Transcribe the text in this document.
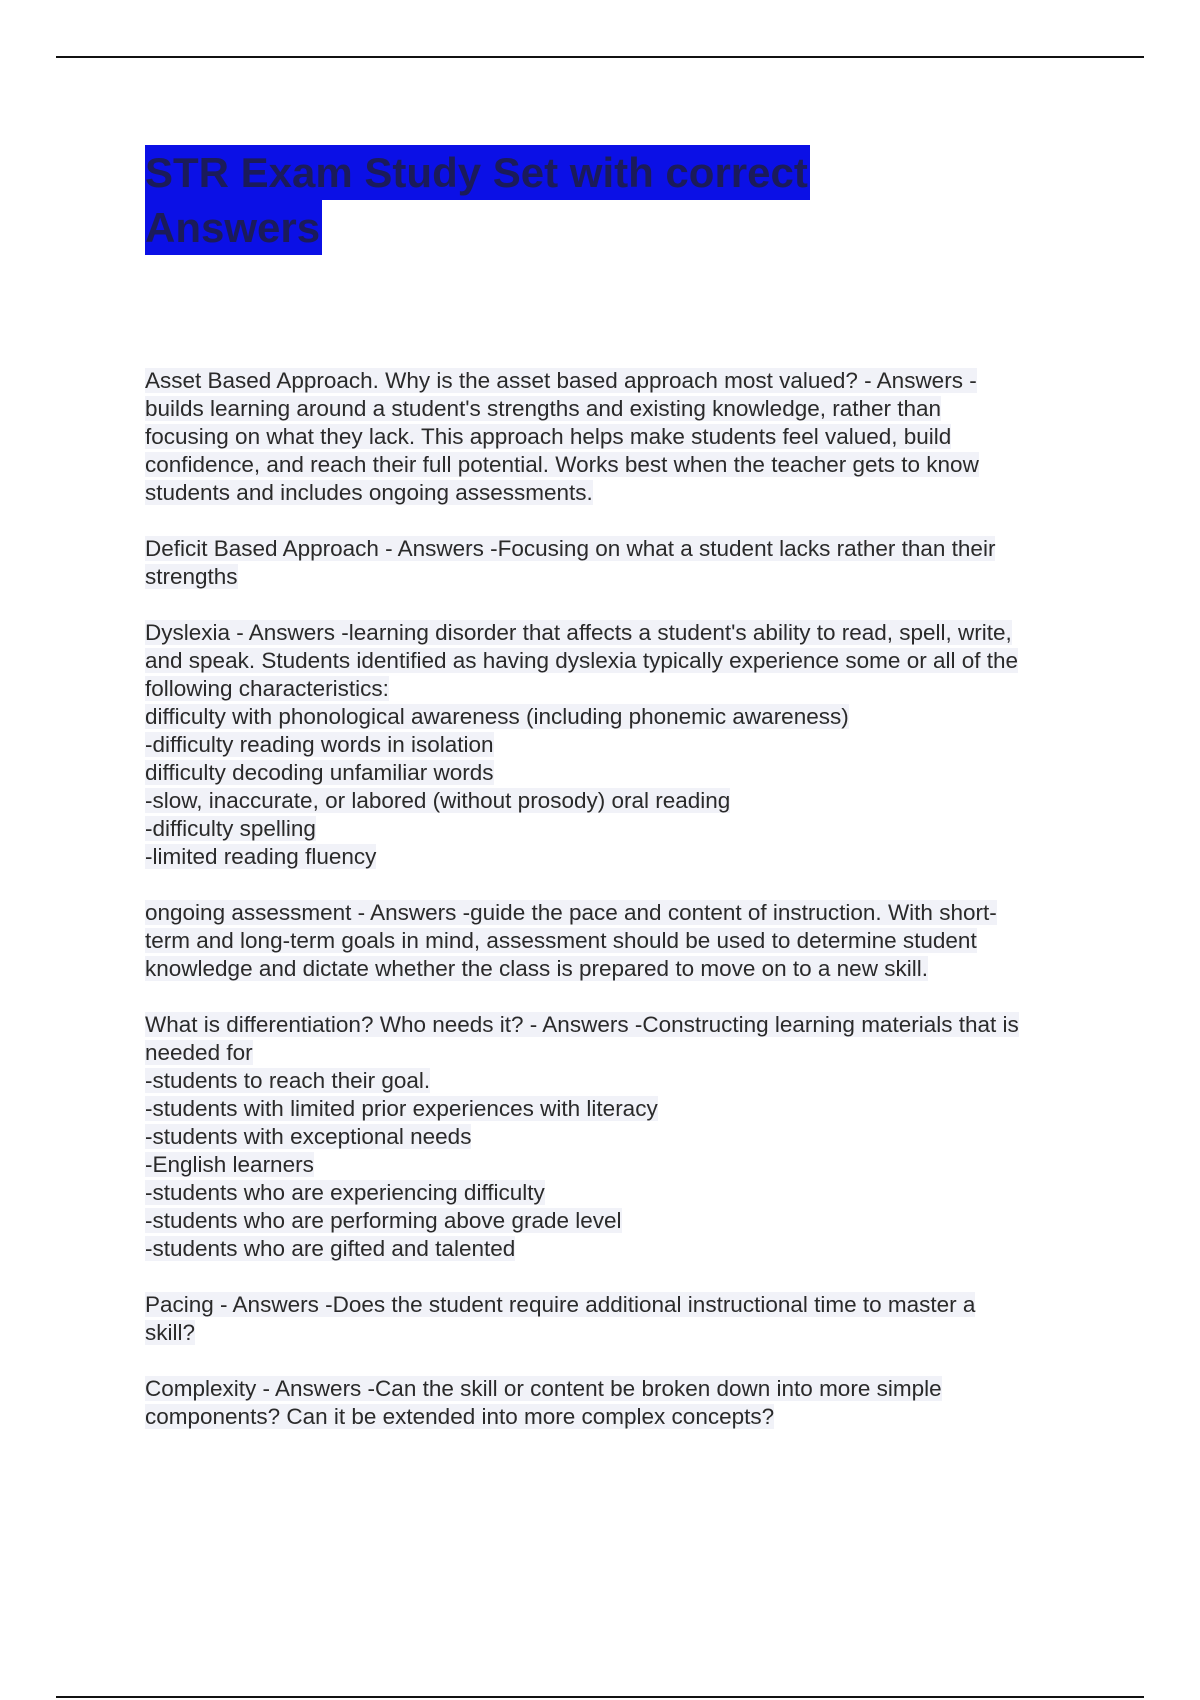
STR Exam Study Set with correct
Answers
Asset Based Approach. Why is the asset based approach most valued? - Answers -
builds learning around a student's strengths and existing knowledge, rather than
focusing on what they lack. This approach helps make students feel valued, build
confidence, and reach their full potential. Works best when the teacher gets to know
students and includes ongoing assessments.
Deficit Based Approach - Answers -Focusing on what a student lacks rather than their
strengths
Dyslexia - Answers -learning disorder that affects a student's ability to read, spell, write,
and speak. Students identified as having dyslexia typically experience some or all of the
following characteristics:
difficulty with phonological awareness (including phonemic awareness)
-difficulty reading words in isolation
difficulty decoding unfamiliar words
-slow, inaccurate, or labored (without prosody) oral reading
-difficulty spelling
-limited reading fluency
ongoing assessment - Answers -guide the pace and content of instruction. With short-
term and long-term goals in mind, assessment should be used to determine student
knowledge and dictate whether the class is prepared to move on to a new skill.
What is differentiation? Who needs it? - Answers -Constructing learning materials that is
needed for
-students to reach their goal.
-students with limited prior experiences with literacy
-students with exceptional needs
-English learners
-students who are experiencing difficulty
-students who are performing above grade level
-students who are gifted and talented
Pacing - Answers -Does the student require additional instructional time to master a
skill?
Complexity - Answers -Can the skill or content be broken down into more simple
components? Can it be extended into more complex concepts?
